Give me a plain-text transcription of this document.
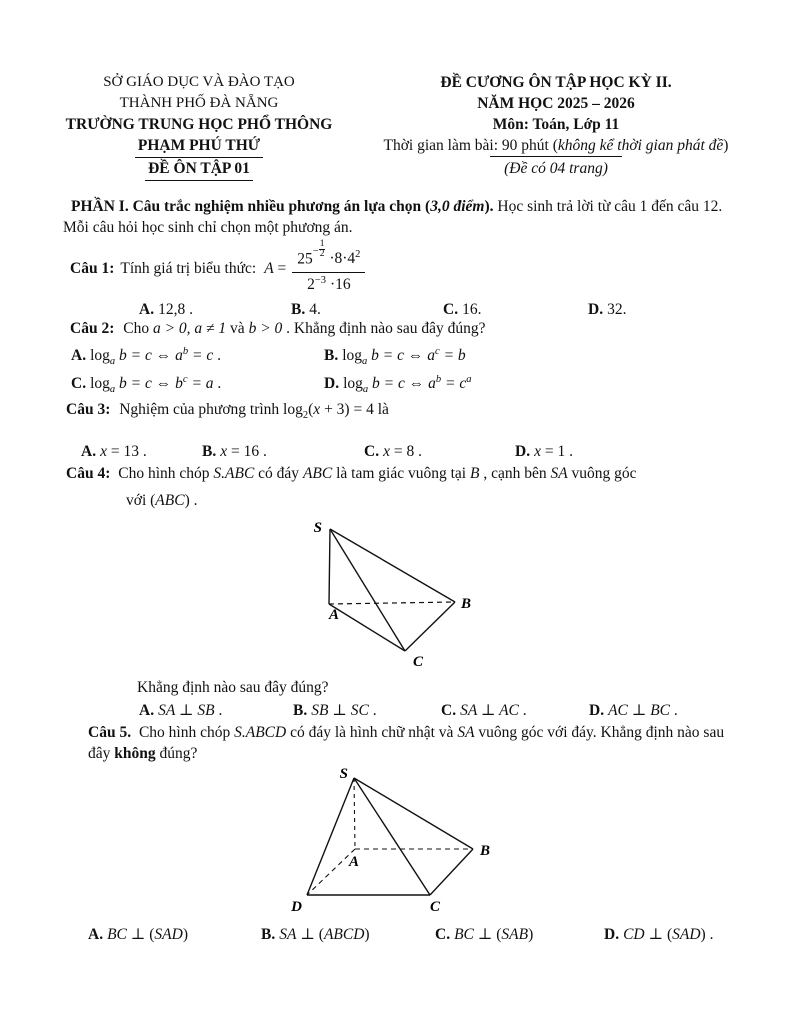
SỞ GIÁO DỤC VÀ ĐÀO TẠO
THÀNH PHỐ ĐÀ NẴNG
TRƯỜNG TRUNG HỌC PHỔ THÔNG
PHẠM PHÚ THỨ
ĐỀ ÔN TẬP 01
ĐỀ CƯƠNG ÔN TẬP HỌC KỲ II.
NĂM HỌC 2025 – 2026
Môn: Toán, Lớp 11
Thời gian làm bài: 90 phút (không kể thời gian phát đề)
(Đề có 04 trang)
PHẦN I. Câu trắc nghiệm nhiều phương án lựa chọn (3,0 điểm). Học sinh trả lời từ câu 1 đến câu 12. Mỗi câu hỏi học sinh chỉ chọn một phương án.
Câu 1: Tính giá trị biểu thức: $A = 25^{- \frac{1}{2}} \cdot 8\cdot 4^2$
$2^{-3} \cdot 16$
A. 12,8 .	B. 4.	C. 16.	D. 32.
Câu 2: Cho a > 0, a ≠ 1 và b > 0 . Khẳng định nào sau đây đúng?
A. $\log_a b = c$ ⇔ $a^b = c$ .	B. $\log_a b = c$ ⇔ $a^c = b$
C. $\log_a b = c$ ⇔ $b^c = a$ .	D. $\log_a b = c$ ⇔ $a^b = c^a$
Câu 3: Nghiệm của phương trình $\log_2(x + 3) = 4$ là
A. x = 13 .	B. x = 16 .	C. x = 8 .	D. x = 1 .
Câu 4: Cho hình chóp S.ABC có đáy ABC là tam giác vuông tại B , cạnh bên SA vuông góc
với (ABC) .
S
A
B
C
Khẳng định nào sau đây đúng?
A. SA ⊥ SB .	B. SB ⊥ SC .	C. SA ⊥ AC .	D. AC ⊥ BC .
Câu 5. Cho hình chóp S.ABCD có đáy là hình chữ nhật và SA vuông góc với đáy. Khẳng định nào sau đây không đúng?
S
A
B
C
D
A. BC ⊥ (SAD)	B. SA ⊥ (ABCD)	C. BC ⊥ (SAB)	D. CD ⊥ (SAD) .
